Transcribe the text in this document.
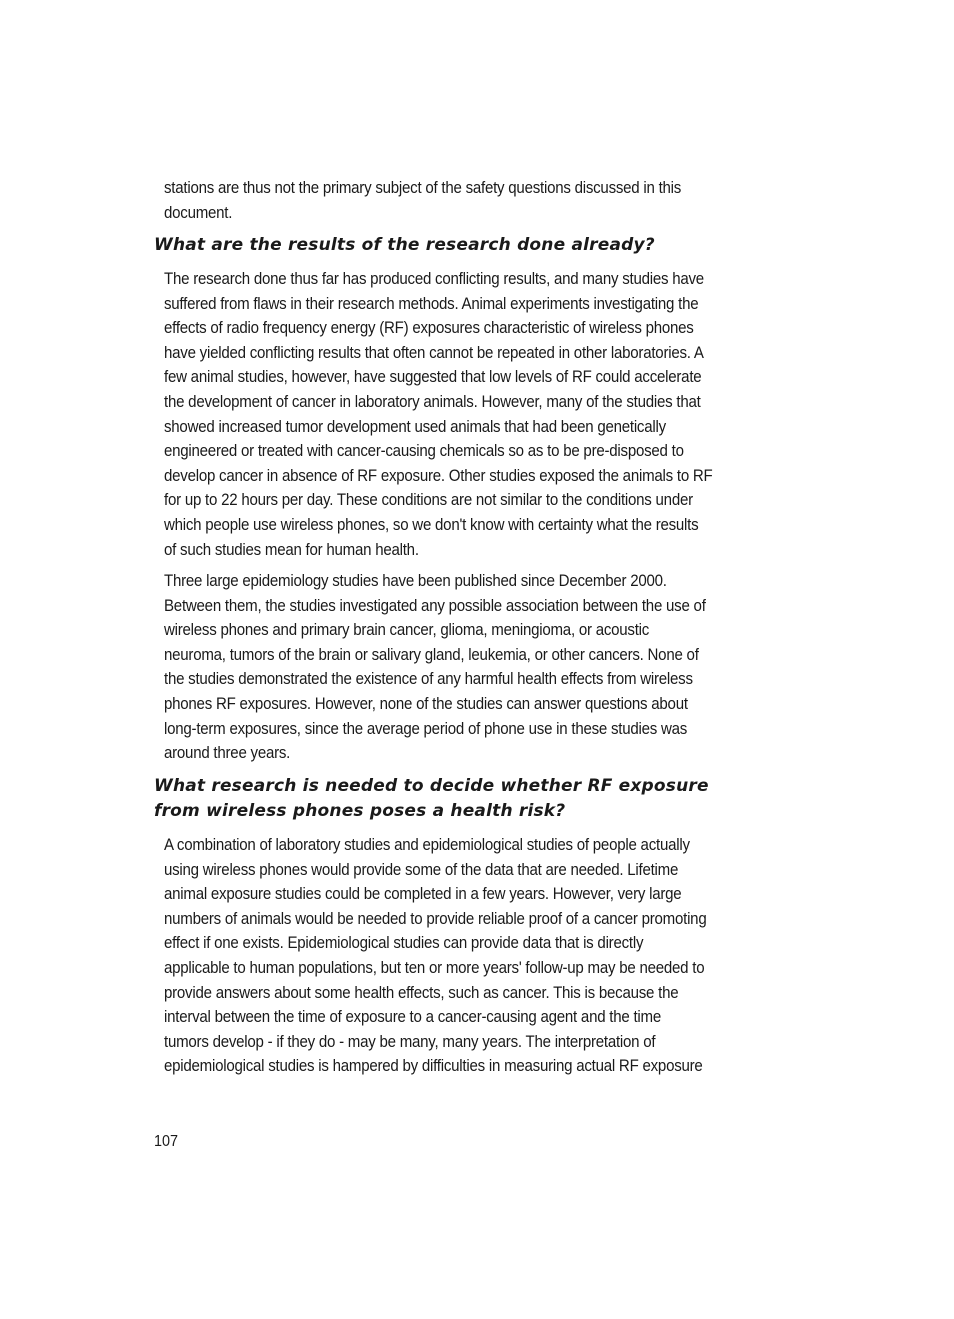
stations are thus not the primary subject of the safety questions discussed in this
document.

What are the results of the research done already?

The research done thus far has produced conflicting results, and many studies have
suffered from flaws in their research methods. Animal experiments investigating the
effects of radio frequency energy (RF) exposures characteristic of wireless phones
have yielded conflicting results that often cannot be repeated in other laboratories. A
few animal studies, however, have suggested that low levels of RF could accelerate
the development of cancer in laboratory animals. However, many of the studies that
showed increased tumor development used animals that had been genetically
engineered or treated with cancer-causing chemicals so as to be pre-disposed to
develop cancer in absence of RF exposure. Other studies exposed the animals to RF
for up to 22 hours per day. These conditions are not similar to the conditions under
which people use wireless phones, so we don't know with certainty what the results
of such studies mean for human health.

Three large epidemiology studies have been published since December 2000.
Between them, the studies investigated any possible association between the use of
wireless phones and primary brain cancer, glioma, meningioma, or acoustic
neuroma, tumors of the brain or salivary gland, leukemia, or other cancers. None of
the studies demonstrated the existence of any harmful health effects from wireless
phones RF exposures. However, none of the studies can answer questions about
long-term exposures, since the average period of phone use in these studies was
around three years.

What research is needed to decide whether RF exposure
from wireless phones poses a health risk?

A combination of laboratory studies and epidemiological studies of people actually
using wireless phones would provide some of the data that are needed. Lifetime
animal exposure studies could be completed in a few years. However, very large
numbers of animals would be needed to provide reliable proof of a cancer promoting
effect if one exists. Epidemiological studies can provide data that is directly
applicable to human populations, but ten or more years' follow-up may be needed to
provide answers about some health effects, such as cancer. This is because the
interval between the time of exposure to a cancer-causing agent and the time
tumors develop - if they do - may be many, many years. The interpretation of
epidemiological studies is hampered by difficulties in measuring actual RF exposure

107
